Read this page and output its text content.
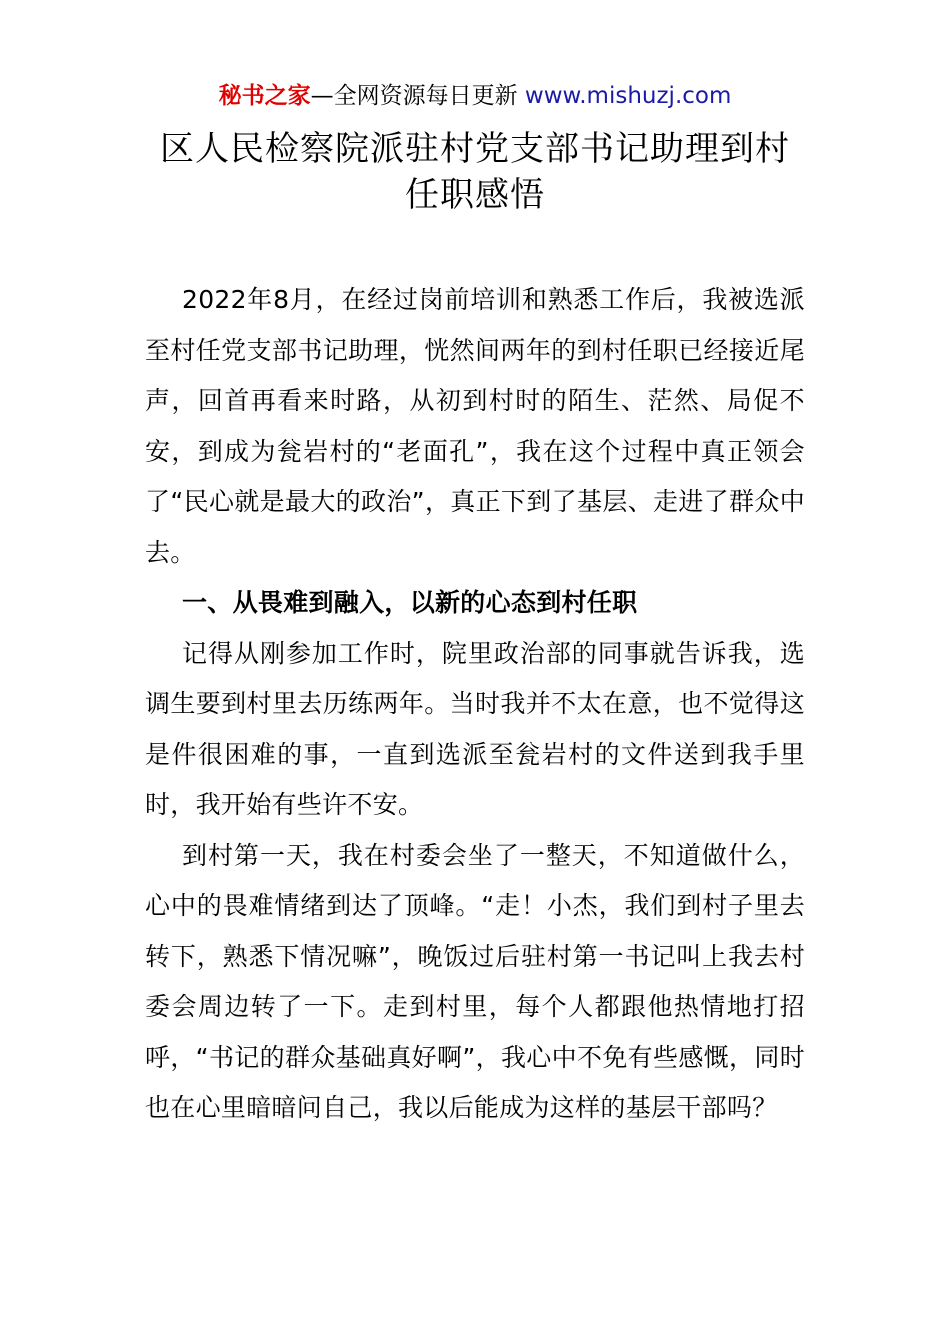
秘书之家—全网资源每日更新 www.mishuzj.com
区人民检察院派驻村党支部书记助理到村任职感悟

2022年8月，在经过岗前培训和熟悉工作后，我被选派至村任党支部书记助理，恍然间两年的到村任职已经接近尾声，回首再看来时路，从初到村时的陌生、茫然、局促不安，到成为瓮岩村的“老面孔”，我在这个过程中真正领会了“民心就是最大的政治”，真正下到了基层、走进了群众中去。

一、从畏难到融入，以新的心态到村任职

记得从刚参加工作时，院里政治部的同事就告诉我，选调生要到村里去历练两年。当时我并不太在意，也不觉得这是件很困难的事，一直到选派至瓮岩村的文件送到我手里时，我开始有些许不安。

到村第一天，我在村委会坐了一整天，不知道做什么，心中的畏难情绪到达了顶峰。“走！小杰，我们到村子里去转下，熟悉下情况嘛”，晚饭过后驻村第一书记叫上我去村委会周边转了一下。走到村里，每个人都跟他热情地打招呼，“书记的群众基础真好啊”，我心中不免有些感慨，同时也在心里暗暗问自己，我以后能成为这样的基层干部吗？
